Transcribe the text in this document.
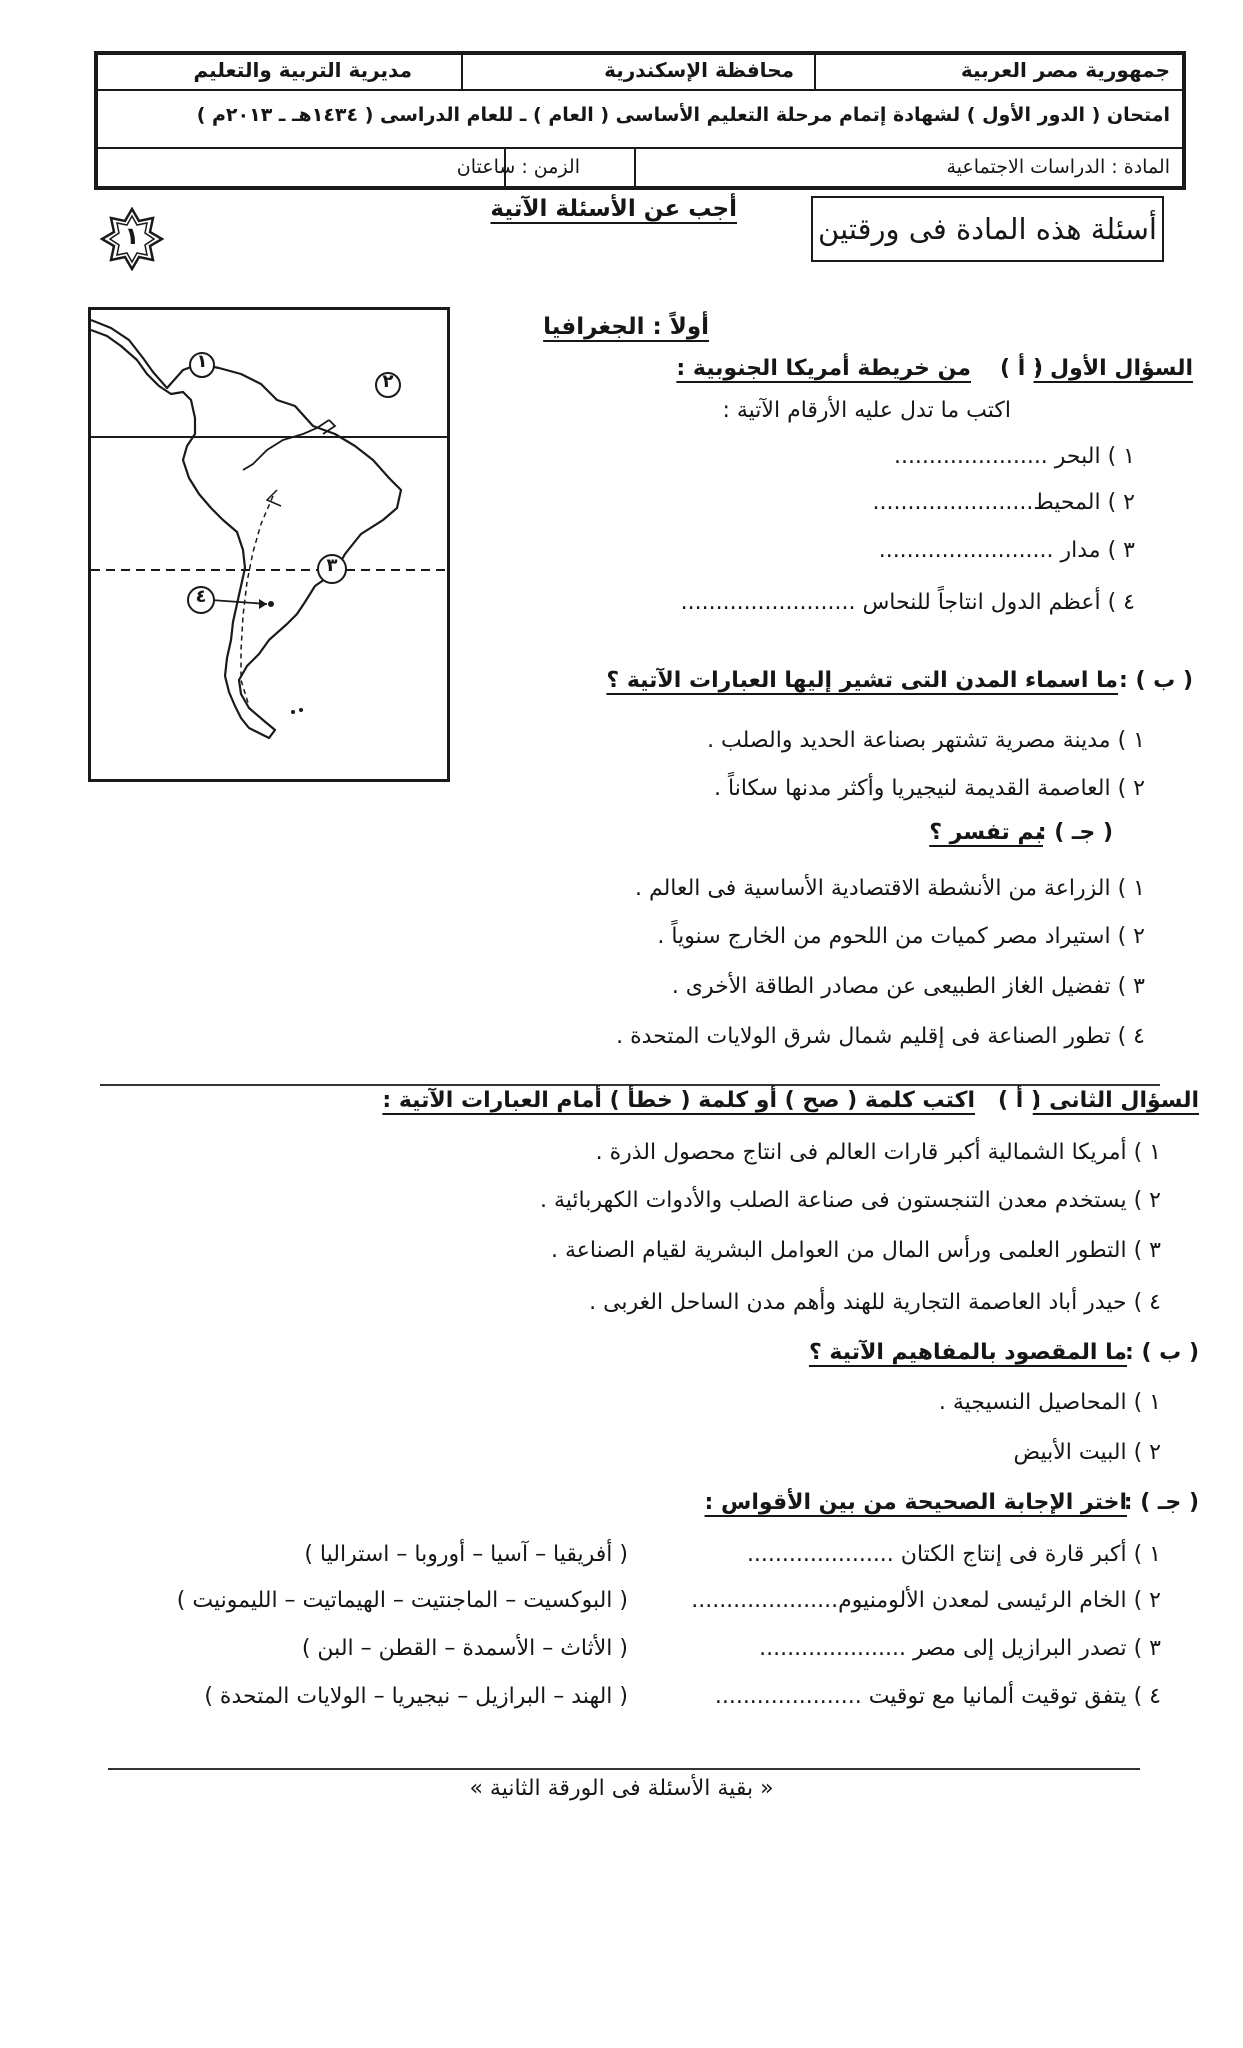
جمهورية مصر العربية
محافظة الإسكندرية
مديرية التربية والتعليم
امتحان ( الدور الأول ) لشهادة إتمام مرحلة التعليم الأساسى ( العام ) ـ للعام الدراسى ( ١٤٣٤هـ ـ ٢٠١٣م )
المادة : الدراسات الاجتماعية
الزمن : ساعتان
أسئلة هذه المادة فى ورقتين
أجب عن الأسئلة الآتية
١
أولاً : الجغرافيا
١
٢
٣
٤
السؤال الأول :
( أ )
من خريطة أمريكا الجنوبية :
اكتب ما تدل عليه الأرقام الآتية :
١ ) البحر ......................
٢ ) المحيط.......................
٣ ) مدار .........................
٤ ) أعظم الدول انتاجاً للنحاس .........................
( ب ) :
ما اسماء المدن التى تشير إليها العبارات الآتية ؟
١ ) مدينة مصرية تشتهر بصناعة الحديد والصلب .
٢ ) العاصمة القديمة لنيجيريا وأكثر مدنها سكاناً .
( جـ ) :
بم تفسر ؟
١ ) الزراعة من الأنشطة الاقتصادية الأساسية فى العالم .
٢ ) استيراد مصر كميات من اللحوم من الخارج سنوياً .
٣ ) تفضيل الغاز الطبيعى عن مصادر الطاقة الأخرى .
٤ ) تطور الصناعة فى إقليم شمال شرق الولايات المتحدة .
السؤال الثانى :
( أ )
اكتب كلمة ( صح ) أو كلمة ( خطأ ) أمام العبارات الآتية :
١ ) أمريكا الشمالية أكبر قارات العالم فى انتاج محصول الذرة .
٢ ) يستخدم معدن التنجستون فى صناعة الصلب والأدوات الكهربائية .
٣ ) التطور العلمى ورأس المال من العوامل البشرية لقيام الصناعة .
٤ ) حيدر أباد العاصمة التجارية للهند وأهم مدن الساحل الغربى .
( ب ) :
ما المقصود بالمفاهيم الآتية ؟
١ ) المحاصيل النسيجية .
٢ ) البيت الأبيض
( جـ ) :
اختر الإجابة الصحيحة من بين الأقواس :
١ ) أكبر قارة فى إنتاج الكتان .....................
( أفريقيا – آسيا – أوروبا – استراليا )
٢ ) الخام الرئيسى لمعدن الألومنيوم.....................
( البوكسيت – الماجنتيت – الهيماتيت – الليمونيت )
٣ ) تصدر البرازيل إلى مصر .....................
( الأثاث – الأسمدة – القطن – البن )
٤ ) يتفق توقيت ألمانيا مع توقيت .....................
( الهند – البرازيل – نيجيريا – الولايات المتحدة )
« بقية الأسئلة فى الورقة الثانية »
